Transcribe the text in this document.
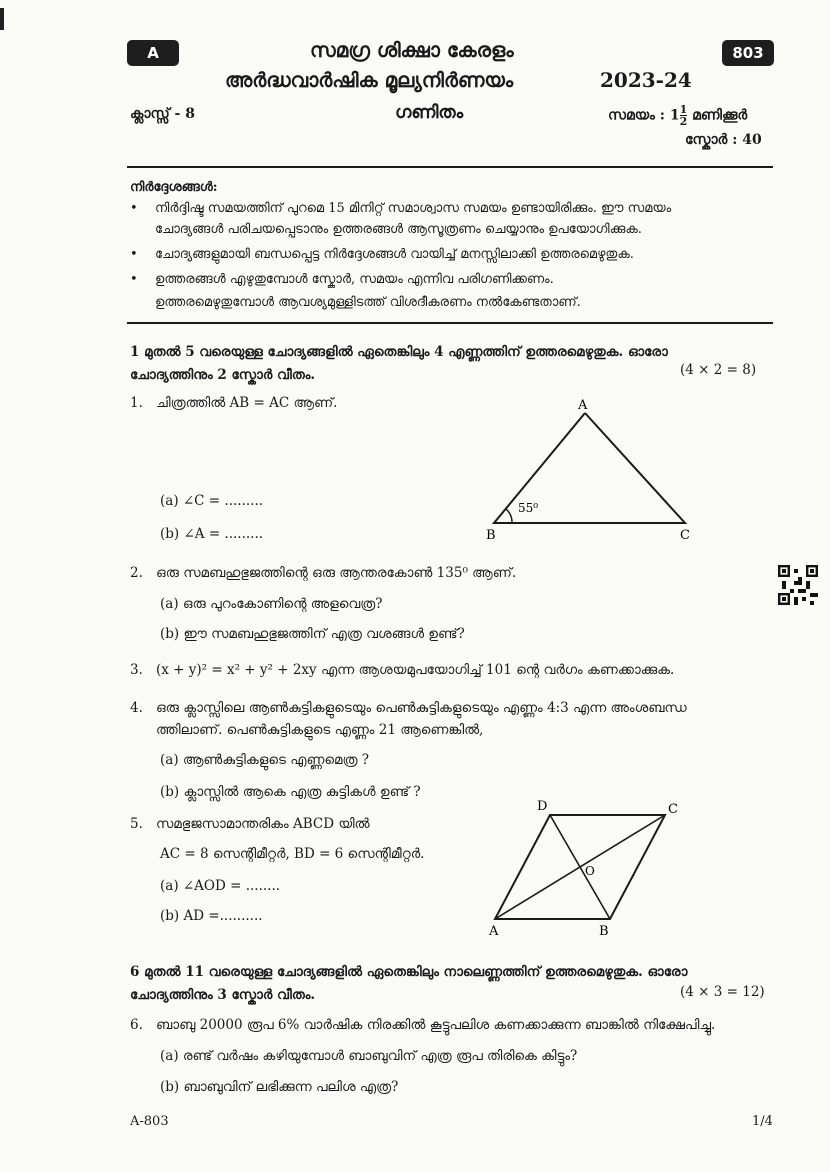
A	803
സമഗ്ര ശിക്ഷാ കേരളം
അർദ്ധവാർഷിക മൂല്യനിർണയം	2023-24
ക്ലാസ്സ് - 8	ഗണിതം	സമയം : $1 \frac{1}{2}$ മണിക്കൂർ
സ്കോർ : 40
നിർദ്ദേശങ്ങൾ:
• നിർദ്ദിഷ്ട സമയത്തിന് പുറമെ 15 മിനിറ്റ് സമാശ്വാസ സമയം ഉണ്ടായിരിക്കും. ഈ സമയം
ചോദ്യങ്ങൾ പരിചയപ്പെടാനും ഉത്തരങ്ങൾ ആസൂത്രണം ചെയ്യാനും ഉപയോഗിക്കുക.
• ചോദ്യങ്ങളുമായി ബന്ധപ്പെട്ട നിർദ്ദേശങ്ങൾ വായിച്ച് മനസ്സിലാക്കി ഉത്തരമെഴുതുക.
• ഉത്തരങ്ങൾ എഴുതുമ്പോൾ സ്കോർ, സമയം എന്നിവ പരിഗണിക്കണം.
ഉത്തരമെഴുതുമ്പോൾ ആവശ്യമുള്ളിടത്ത് വിശദീകരണം നൽകേണ്ടതാണ്.
1 മുതൽ 5 വരെയുള്ള ചോദ്യങ്ങളിൽ ഏതെങ്കിലും 4 എണ്ണത്തിന് ഉത്തരമെഴുതുക. ഓരോ
ചോദ്യത്തിനും 2 സ്കോർ വീതം.	(4 × 2 = 8)
1. ചിത്രത്തിൽ AB = AC ആണ്.
(a) ∠C = .........
(b) ∠A = .........
A
B	C
55⁰
2. ഒരു സമബഹുഭുജത്തിന്റെ ഒരു ആന്തരകോൺ 135⁰ ആണ്.
(a) ഒരു പുറംകോണിന്റെ അളവെത്ര?
(b) ഈ സമബഹുഭുജത്തിന് എത്ര വശങ്ങൾ ഉണ്ട്?
3. (x + y)² = x² + y² + 2xy എന്ന ആശയമുപയോഗിച്ച് 101 ന്റെ വർഗം കണക്കാക്കുക.
4. ഒരു ക്ലാസ്സിലെ ആൺകുട്ടികളുടെയും പെൺകുട്ടികളുടെയും എണ്ണം 4:3 എന്ന അംശബന്ധ
ത്തിലാണ്. പെൺകുട്ടികളുടെ എണ്ണം 21 ആണെങ്കിൽ,
(a) ആൺകുട്ടികളുടെ എണ്ണമെത്ര ?
(b) ക്ലാസ്സിൽ ആകെ എത്ര കുട്ടികൾ ഉണ്ട് ?
5. സമഭുജസാമാന്തരികം ABCD യിൽ
AC = 8 സെന്റിമീറ്റർ, BD = 6 സെന്റിമീറ്റർ.
(a) ∠AOD = ........
(b) AD =..........
D	C
O
A	B
6 മുതൽ 11 വരെയുള്ള ചോദ്യങ്ങളിൽ ഏതെങ്കിലും നാലെണ്ണത്തിന് ഉത്തരമെഴുതുക. ഓരോ
ചോദ്യത്തിനും 3 സ്കോർ വീതം.	(4 × 3 = 12)
6. ബാബു 20000 രൂപ 6% വാർഷിക നിരക്കിൽ കൂട്ടുപലിശ കണക്കാക്കുന്ന ബാങ്കിൽ നിക്ഷേപിച്ചു.
(a) രണ്ട് വർഷം കഴിയുമ്പോൾ ബാബുവിന് എത്ര രൂപ തിരികെ കിട്ടും?
(b) ബാബുവിന് ലഭിക്കുന്ന പലിശ എത്ര?
A-803	1/4
